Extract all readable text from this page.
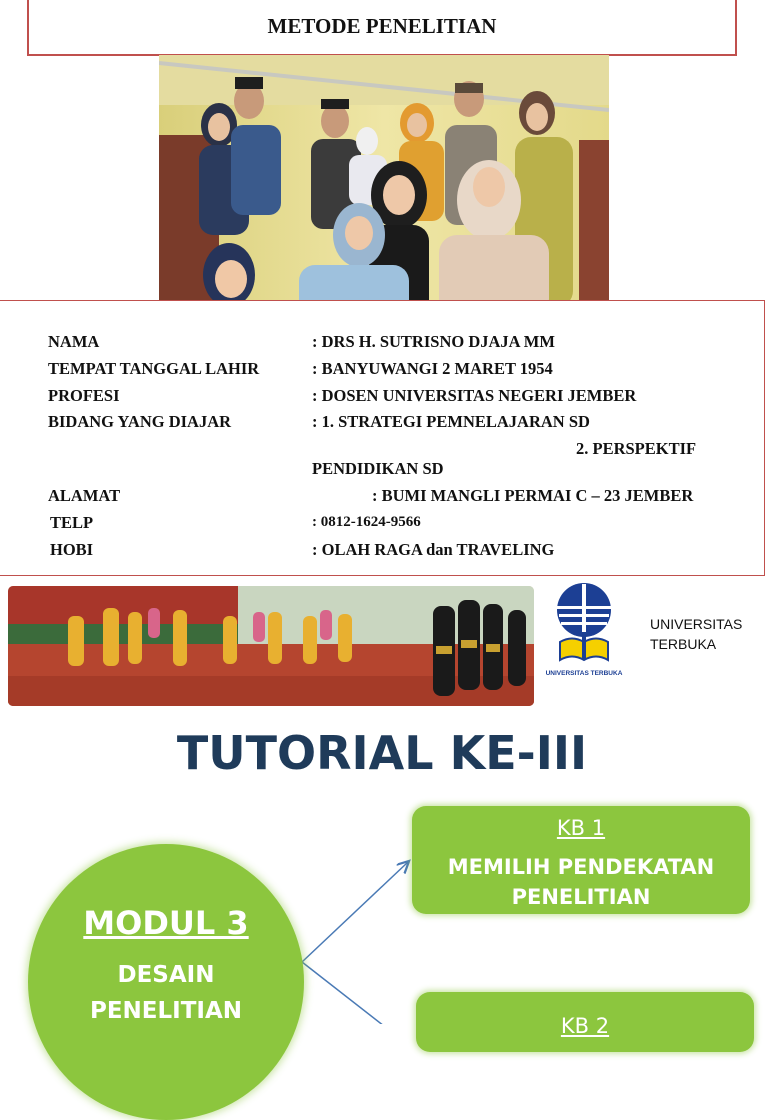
METODE PENELITIAN
NAMA	: DRS H. SUTRISNO DJAJA MM
TEMPAT TANGGAL LAHIR	: BANYUWANGI 2 MARET 1954
PROFESI	: DOSEN UNIVERSITAS NEGERI JEMBER
BIDANG YANG DIAJAR	: 1. STRATEGI PEMNELAJARAN SD
2. PERSPEKTIF
PENDIDIKAN SD
ALAMAT	: BUMI MANGLI PERMAI C – 23 JEMBER
TELP	: 0812-1624-9566
HOBI	: OLAH RAGA dan TRAVELING
UNIVERSITAS TERBUKA
UNIVERSITAS
TERBUKA
TUTORIAL KE-III
MODUL 3
DESAIN
PENELITIAN
KB 1
MEMILIH PENDEKATAN
PENELITIAN
KB 2
